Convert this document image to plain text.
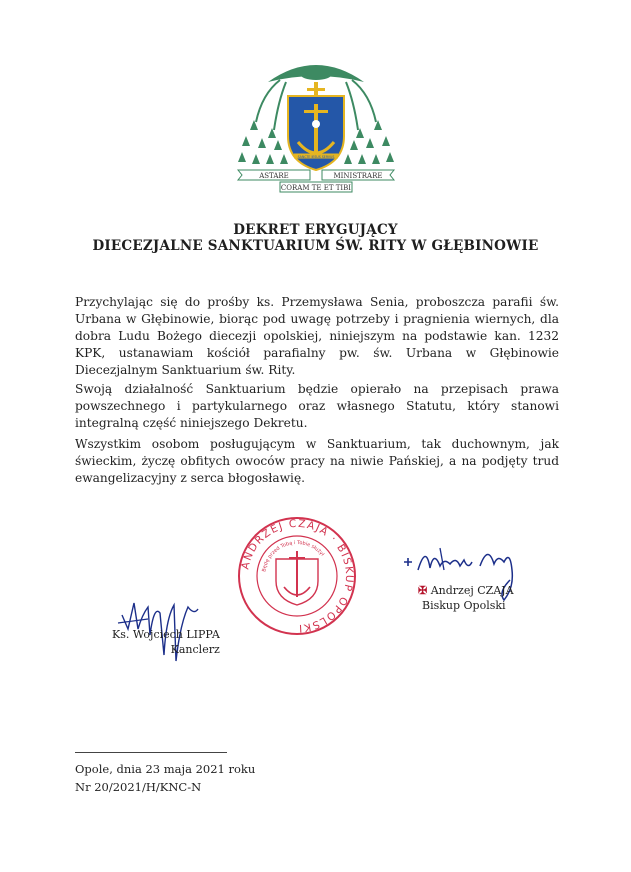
SANCTE IESUS SERVUS
ASTARE	MINISTRARE
CORAM TE ET TIBI
DEKRET ERYGUJĄCY
DIECEZJALNE SANKTUARIUM ŚW. RITY W GŁĘBINOWIE

Przychylając się do prośby ks. Przemysława Senia, proboszcza parafii św. Urbana w Głębinowie, biorąc pod uwagę potrzeby i pragnienia wiernych, dla dobra Ludu Bożego diecezji opolskiej, niniejszym na podstawie kan. 1232 KPK, ustanawiam kościół parafialny pw. św. Urbana w Głębinowie Diecezjalnym Sanktuarium św. Rity.

Swoją działalność Sanktuarium będzie opierało na przepisach prawa powszechnego i partykularnego oraz własnego Statutu, który stanowi integralną część niniejszego Dekretu.

Wszystkim osobom posługującym w Sanktuarium, tak duchownym, jak świeckim, życzę obfitych owoców pracy na niwie Pańskiej, a na podjęty trud ewangelizacyjny z serca błogosławię.

ANDRZEJ CZAJA · BISKUP OPOLSKI
Będę przed Tobą i Tobie służył
✠ Andrzej CZAJA
Biskup Opolski
Ks. Wojciech LIPPA
Kanclerz
Opole, dnia 23 maja 2021 roku
Nr 20/2021/H/KNC-N
